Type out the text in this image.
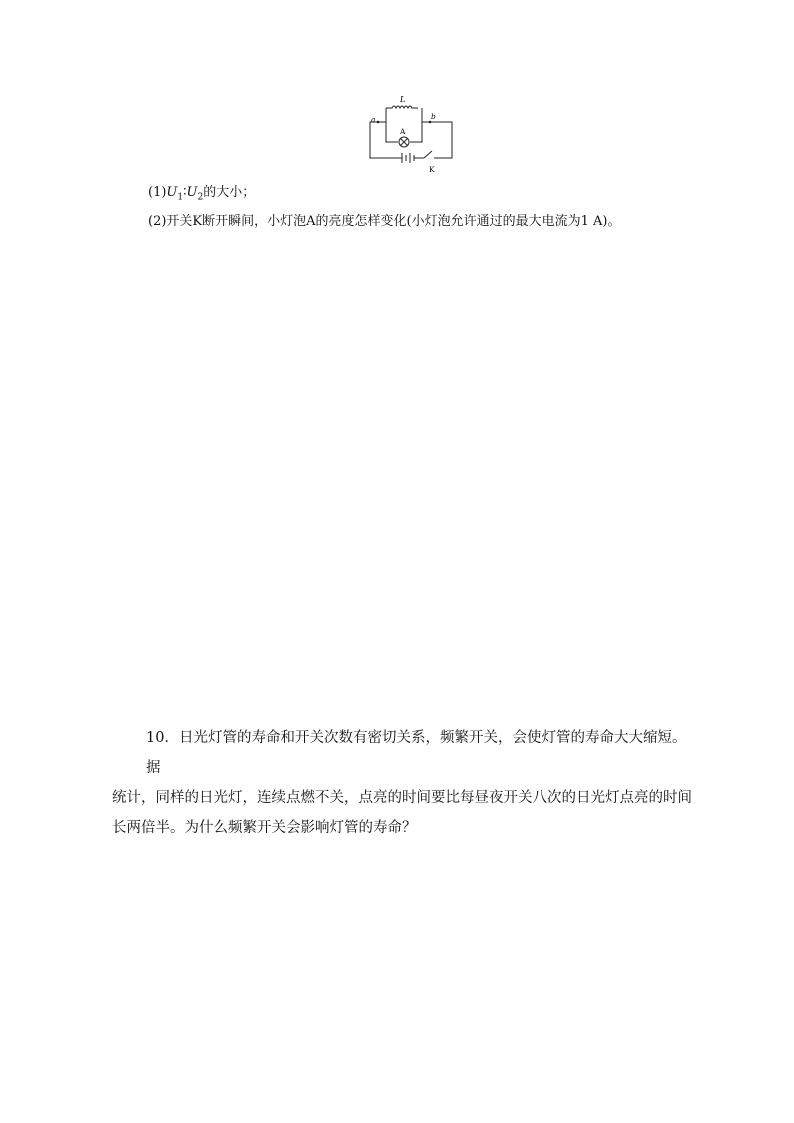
L
A
a	b
K
$(1)U_1∶U_2$的大小；
(2)开关K断开瞬间，小灯泡A的亮度怎样变化(小灯泡允许通过的最大电流为1 A)。
10．日光灯管的寿命和开关次数有密切关系，频繁开关，会使灯管的寿命大大缩短。据
统计，同样的日光灯，连续点燃不关，点亮的时间要比每昼夜开关八次的日光灯点亮的时间
长两倍半。为什么频繁开关会影响灯管的寿命？
